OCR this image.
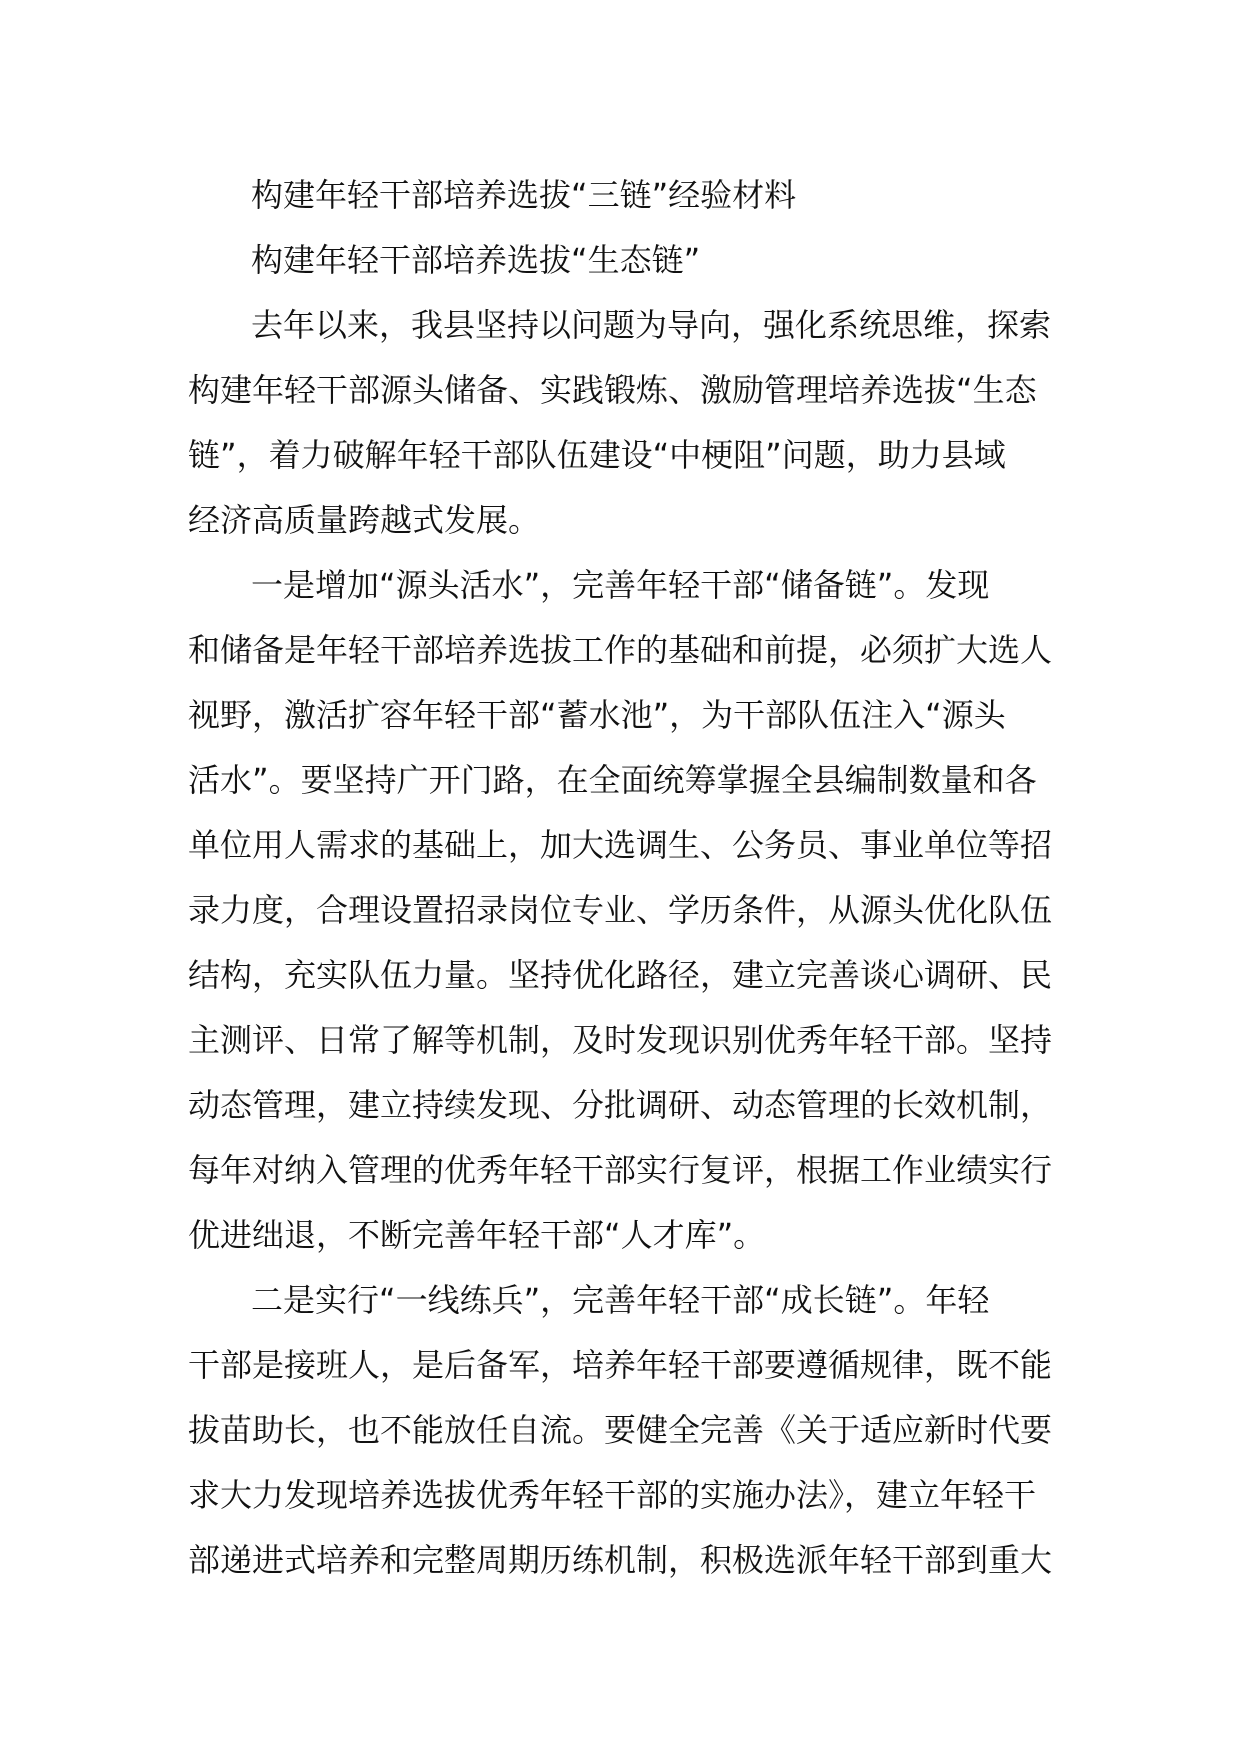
构建年轻干部培养选拔“三链”经验材料

构建年轻干部培养选拔“生态链”

去年以来，我县坚持以问题为导向，强化系统思维，探索

构建年轻干部源头储备、实践锻炼、激励管理培养选拔“生态

链”，着力破解年轻干部队伍建设“中梗阻”问题，助力县域

经济高质量跨越式发展。

一是增加“源头活水”，完善年轻干部“储备链”。发现

和储备是年轻干部培养选拔工作的基础和前提，必须扩大选人

视野，激活扩容年轻干部“蓄水池”，为干部队伍注入“源头

活水”。要坚持广开门路，在全面统筹掌握全县编制数量和各

单位用人需求的基础上，加大选调生、公务员、事业单位等招

录力度，合理设置招录岗位专业、学历条件，从源头优化队伍

结构，充实队伍力量。坚持优化路径，建立完善谈心调研、民

主测评、日常了解等机制，及时发现识别优秀年轻干部。坚持

动态管理，建立持续发现、分批调研、动态管理的长效机制，

每年对纳入管理的优秀年轻干部实行复评，根据工作业绩实行

优进绌退，不断完善年轻干部“人才库”。

二是实行“一线练兵”，完善年轻干部“成长链”。年轻

干部是接班人，是后备军，培养年轻干部要遵循规律，既不能

拔苗助长，也不能放任自流。要健全完善《关于适应新时代要

求大力发现培养选拔优秀年轻干部的实施办法》，建立年轻干

部递进式培养和完整周期历练机制，积极选派年轻干部到重大
